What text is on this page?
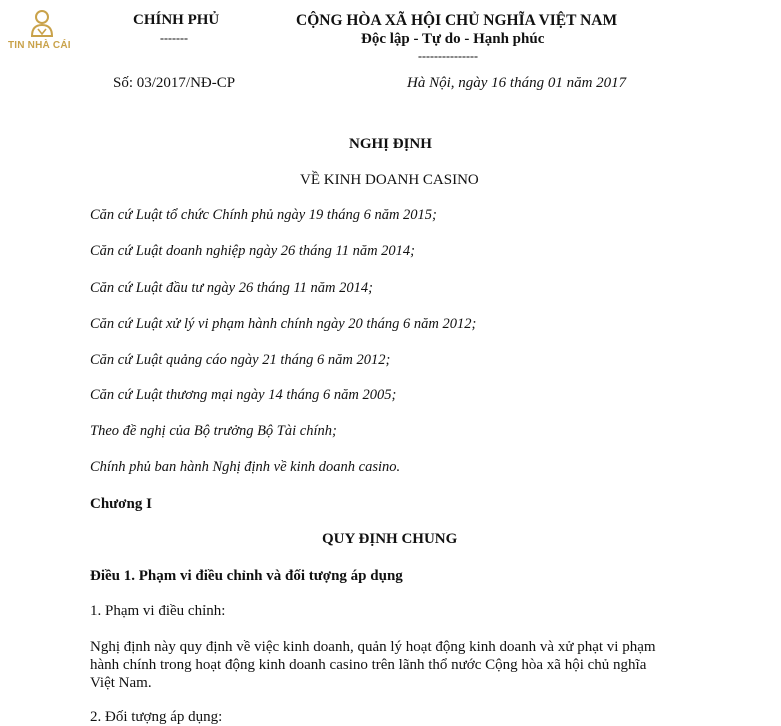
TIN NHÀ CÁI
CHÍNH PHỦ
-------
CỘNG HÒA XÃ HỘI CHỦ NGHĨA VIỆT NAM
Độc lập - Tự do - Hạnh phúc
---------------
Số: 03/2017/NĐ-CP	Hà Nội, ngày 16 tháng 01 năm 2017
NGHỊ ĐỊNH
VỀ KINH DOANH CASINO
Căn cứ Luật tổ chức Chính phủ ngày 19 tháng 6 năm 2015;
Căn cứ Luật doanh nghiệp ngày 26 tháng 11 năm 2014;
Căn cứ Luật đầu tư ngày 26 tháng 11 năm 2014;
Căn cứ Luật xử lý vi phạm hành chính ngày 20 tháng 6 năm 2012;
Căn cứ Luật quảng cáo ngày 21 tháng 6 năm 2012;
Căn cứ Luật thương mại ngày 14 tháng 6 năm 2005;
Theo đề nghị của Bộ trưởng Bộ Tài chính;
Chính phủ ban hành Nghị định về kinh doanh casino.
Chương I
QUY ĐỊNH CHUNG
Điều 1. Phạm vi điều chỉnh và đối tượng áp dụng
1. Phạm vi điều chỉnh:
Nghị định này quy định về việc kinh doanh, quản lý hoạt động kinh doanh và xử phạt vi phạm
hành chính trong hoạt động kinh doanh casino trên lãnh thổ nước Cộng hòa xã hội chủ nghĩa
Việt Nam.
2. Đối tượng áp dụng:
